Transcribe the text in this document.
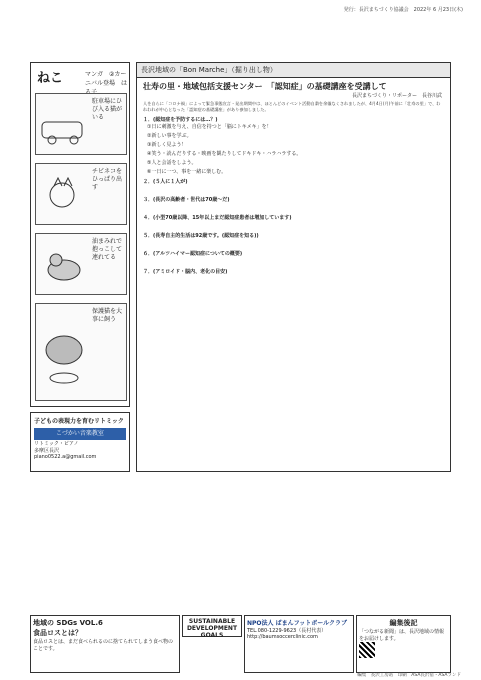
発行：長沢まちづくり協議会　2022年 6 月23日(木)
ねこ	マンガ　②カーニバル登場　は
駐車場にひび入る猫がいる
チビネコをひっぱり出す
油まみれで抱っこして連れてる
保護猫を大事に飼う
子どもの表現力を育むリトミック
こづかい音楽教室
リトミック・ピアノ
多摩区長沢
piano0522.a@gmail.com
長沢地域の「Bon Marche」（掘り出し物）
壮寿の里・地域包括支援センター　「認知症」の基礎講座を受講して
長沢まちづくり・リポーター　長谷川武
人を自らに「コロナ禍」によって緊急事態宣言・発出期間中は、ほとんどのイベント活動自粛を余儀なくされましたが、4月4日(月)午前に「壮寿の里」で、われわれが中心となった「認知症の基礎講座」があり参加しました。
１．(認知症を予防するには…？)
①日に刺激を与え、自信を持つと「脳にトキメキ」を！
②新しい事を学ぶ。
③新しく見よう！
④笑う・読んだりする・映画を観たりしてドキドキ・ハラハラする。
⑤人と会話をしよう。
⑥一日に一つ、事を一緒に楽しむ。
２．(５人に１人が)

３．(長沢の高齢者・世代は70歳〜だ)

４．(小型70歳以降、15年以上まだ認知症患者は増加しています)

５．(長寿自主的生活は92歳です。(認知症を知る))

６．(アルツハイマー認知症についての概要)

７．(アミロイド・脳内、老化の目安)
地域の SDGs VOL.6
食品ロスとは？
食品ロスとは、まだ食べられるのに捨てられてしまう食べ物のことです。
SUSTAINABLE DEVELOPMENT GOALS
NPO法人 ばまんフットボールクラブ
TEL.080-1229-9623（長村代表）
http://baumsoccerclinic.com
編集後記
「つながる新聞」は、長沢地域の情報をお届けします。
編集　長沢工房站　印刷　ASA長沢宿・ASAランド
